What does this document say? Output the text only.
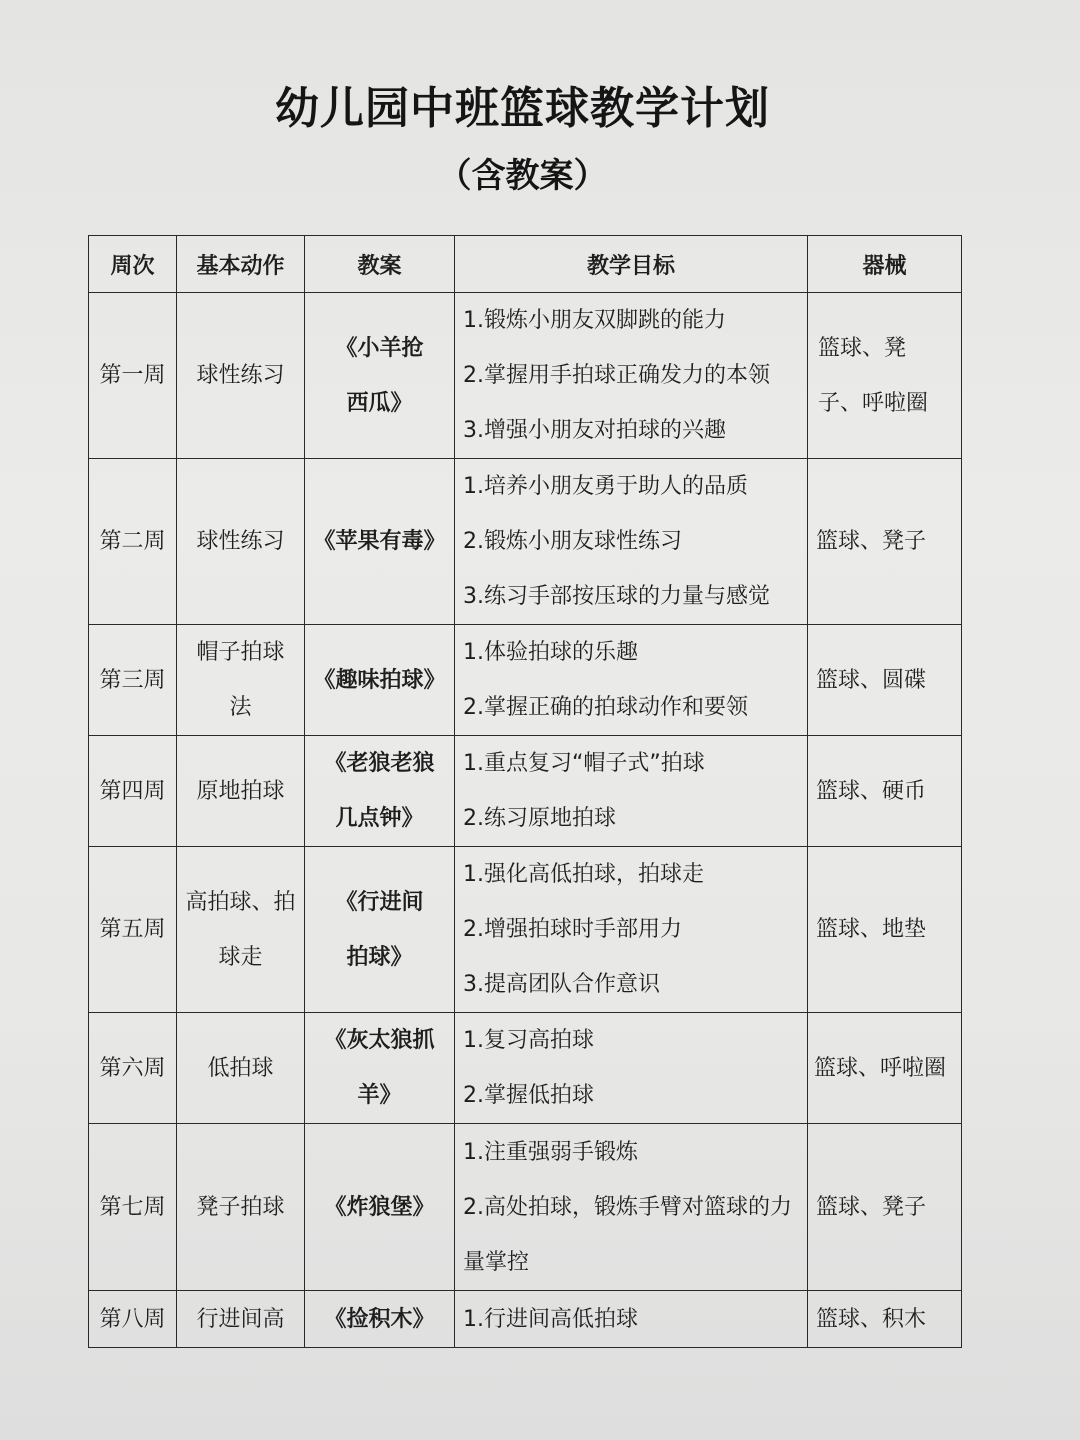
幼儿园中班篮球教学计划
（含教案）
周次	基本动作	教案	教学目标	器械
第一周	球性练习	《小羊抢西瓜》	1.锻炼小朋友双脚跳的能力
2.掌握用手拍球正确发力的本领
3.增强小朋友对拍球的兴趣	篮球、凳子、呼啦圈
第二周	球性练习	《苹果有毒》	1.培养小朋友勇于助人的品质
2.锻炼小朋友球性练习
3.练习手部按压球的力量与感觉	篮球、凳子
第三周	帽子拍球法	《趣味拍球》	1.体验拍球的乐趣
2.掌握正确的拍球动作和要领	篮球、圆碟
第四周	原地拍球	《老狼老狼几点钟》	1.重点复习“帽子式”拍球
2.练习原地拍球	篮球、硬币
第五周	高拍球、拍球走	《行进间拍球》	1.强化高低拍球，拍球走
2.增强拍球时手部用力
3.提高团队合作意识	篮球、地垫
第六周	低拍球	《灰太狼抓羊》	1.复习高拍球
2.掌握低拍球	篮球、呼啦圈
第七周	凳子拍球	《炸狼堡》	1.注重强弱手锻炼
2.高处拍球，锻炼手臂对篮球的力量掌控	篮球、凳子
第八周	行进间高	《捡积木》	1.行进间高低拍球	篮球、积木
